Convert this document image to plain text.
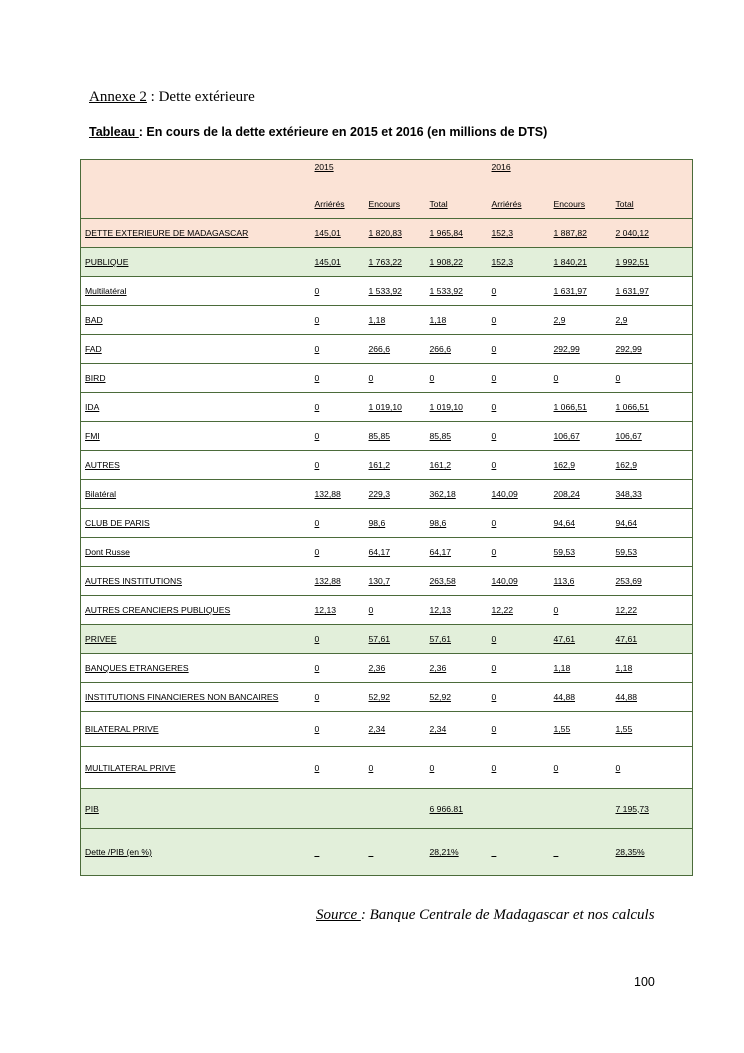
Annexe 2 : Dette extérieure
Tableau : En cours de la dette extérieure en 2015 et 2016 (en millions de DTS)
	2015			2016		
	Arriérés	Encours	Total	Arriérés	Encours	Total
DETTE EXTERIEURE DE MADAGASCAR	145,01	1 820,83	1 965,84	152,3	1 887,82	2 040,12
PUBLIQUE	145,01	1 763,22	1 908,22	152,3	1 840,21	1 992,51
Multilatéral	0	1 533,92	1 533,92	0	1 631,97	1 631,97
BAD	0	1,18	1,18	0	2,9	2,9
FAD	0	266,6	266,6	0	292,99	292,99
BIRD	0	0	0	0	0	0
IDA	0	1 019,10	1 019,10	0	1 066,51	1 066,51
FMI	0	85,85	85,85	0	106,67	106,67
AUTRES	0	161,2	161,2	0	162,9	162,9
Bilatéral	132,88	229,3	362,18	140,09	208,24	348,33
CLUB DE PARIS	0	98,6	98,6	0	94,64	94,64
Dont Russe	0	64,17	64,17	0	59,53	59,53
AUTRES INSTITUTIONS	132,88	130,7	263,58	140,09	113,6	253,69
AUTRES CREANCIERS PUBLIQUES	12,13	0	12,13	12,22	0	12,22
PRIVEE	0	57,61	57,61	0	47,61	47,61
BANQUES ETRANGERES	0	2,36	2,36	0	1,18	1,18
INSTITUTIONS FINANCIERES NON BANCAIRES	0	52,92	52,92	0	44,88	44,88
BILATERAL PRIVE	0	2,34	2,34	0	1,55	1,55
MULTILATERAL PRIVE	0	0	0	0	0	0
PIB			6 966.81			7 195,73
Dette /PIB (en %)	_	_	28,21%	_	_	28,35%
Source : Banque Centrale de Madagascar et nos calculs
100
